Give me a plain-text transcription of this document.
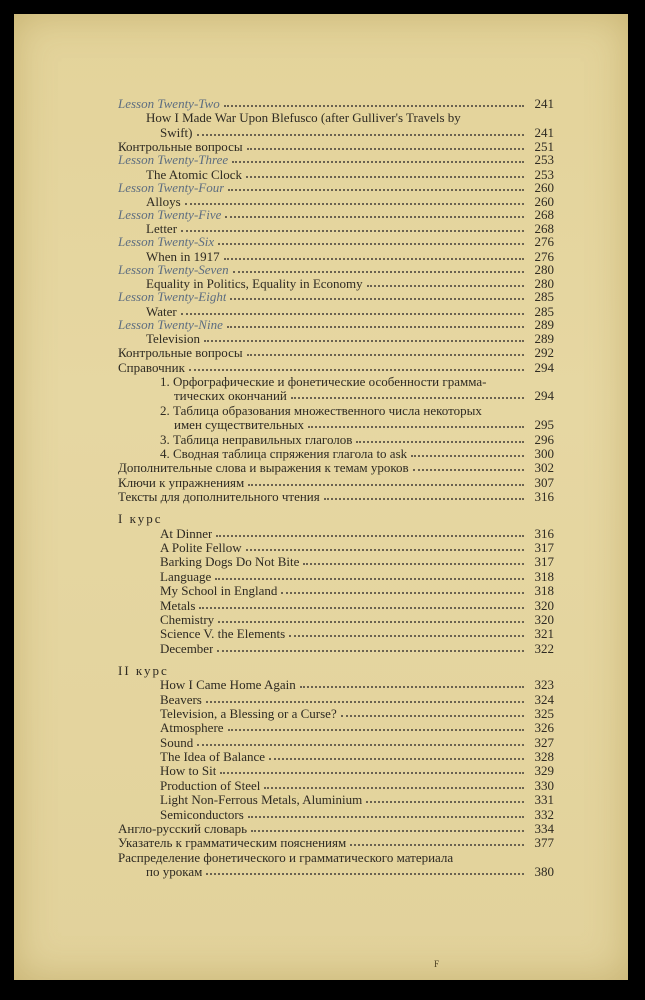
Lesson Twenty-Two	241
How I Made War Upon Blefusco (after Gulliver's Travels by
Swift)	241
Контрольные вопросы	251
Lesson Twenty-Three	253
The Atomic Clock	253
Lesson Twenty-Four	260
Alloys	260
Lesson Twenty-Five	268
Letter	268
Lesson Twenty-Six	276
When in 1917	276
Lesson Twenty-Seven	280
Equality in Politics, Equality in Economy	280
Lesson Twenty-Eight	285
Water	285
Lesson Twenty-Nine	289
Television	289
Контрольные вопросы	292
Справочник	294
1. Орфографические и фонетические особенности грамма-
тических окончаний	294
2. Таблица образования множественного числа некоторых
имен существительных	295
3. Таблица неправильных глаголов	296
4. Сводная таблица спряжения глагола to ask	300
Дополнительные слова и выражения к темам уроков	302
Ключи к упражнениям	307
Тексты для дополнительного чтения	316
I курс
At Dinner	316
A Polite Fellow	317
Barking Dogs Do Not Bite	317
Language	318
My School in England	318
Metals	320
Chemistry	320
Science V. the Elements	321
December	322
II курс
How I Came Home Again	323
Beavers	324
Television, a Blessing or a Curse?	325
Atmosphere	326
Sound	327
The Idea of Balance	328
How to Sit	329
Production of Steel	330
Light Non-Ferrous Metals, Aluminium	331
Semiconductors	332
Англо-русский словарь	334
Указатель к грамматическим пояснениям	377
Распределение фонетического и грамматического материала
по урокам	380
F
